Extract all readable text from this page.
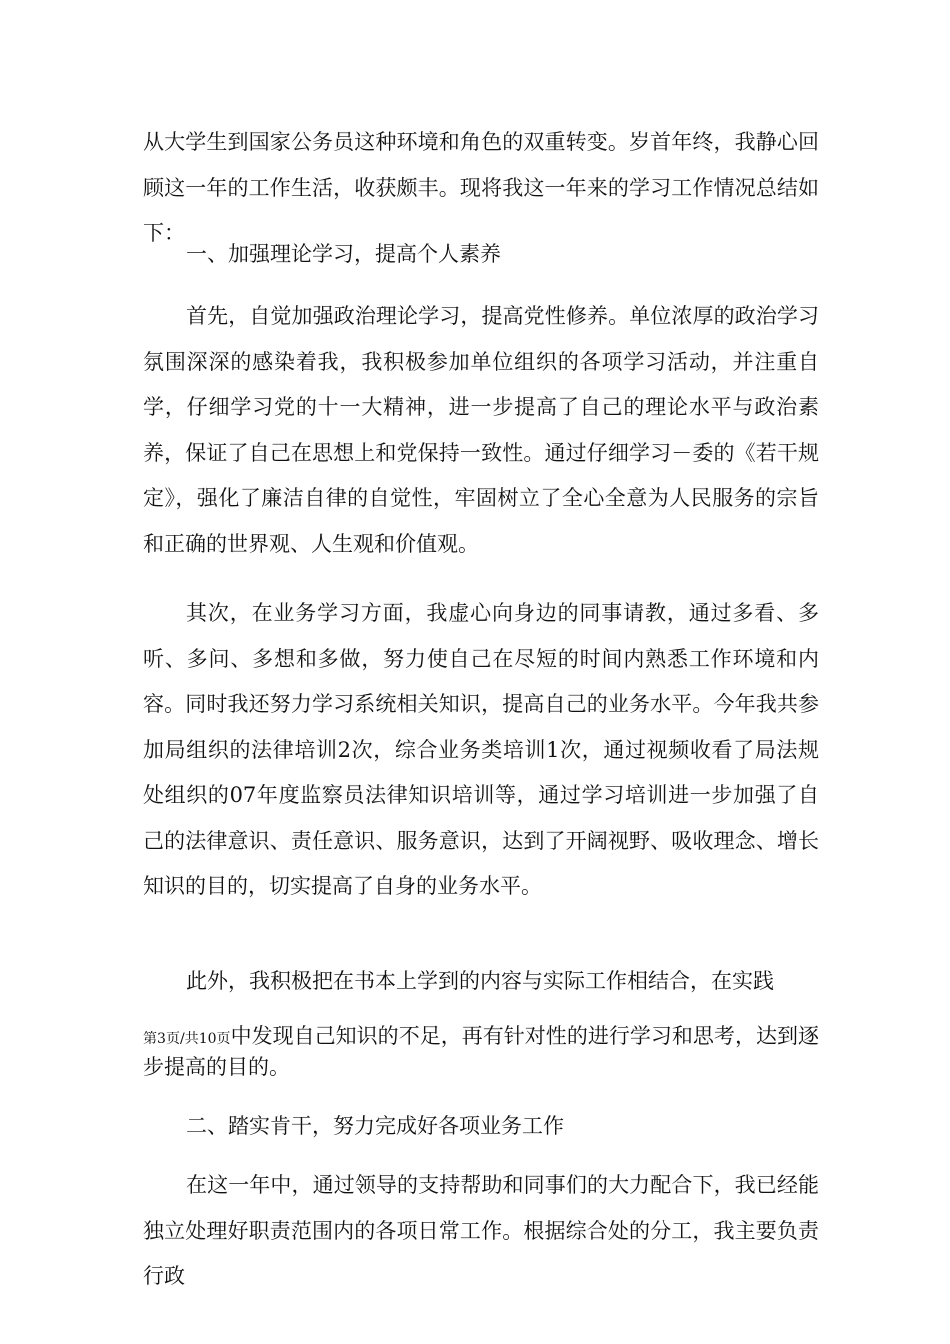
从大学生到国家公务员这种环境和角色的双重转变。岁首年终，我静心回顾这一年的工作生活，收获颇丰。现将我这一年来的学习工作情况总结如下：

一、加强理论学习，提高个人素养

首先，自觉加强政治理论学习，提高党性修养。单位浓厚的政治学习氛围深深的感染着我，我积极参加单位组织的各项学习活动，并注重自学，仔细学习党的十一大精神，进一步提高了自己的理论水平与政治素养，保证了自己在思想上和党保持一致性。通过仔细学习－委的《若干规定》，强化了廉洁自律的自觉性，牢固树立了全心全意为人民服务的宗旨和正确的世界观、人生观和价值观。

其次，在业务学习方面，我虚心向身边的同事请教，通过多看、多听、多问、多想和多做，努力使自己在尽短的时间内熟悉工作环境和内容。同时我还努力学习系统相关知识，提高自己的业务水平。今年我共参加局组织的法律培训2次，综合业务类培训1次，通过视频收看了局法规处组织的07年度监察员法律知识培训等，通过学习培训进一步加强了自己的法律意识、责任意识、服务意识，达到了开阔视野、吸收理念、增长知识的目的，切实提高了自身的业务水平。

此外，我积极把在书本上学到的内容与实际工作相结合，在实践

第3页/共10页中发现自己知识的不足，再有针对性的进行学习和思考，达到逐步提高的目的。

二、踏实肯干，努力完成好各项业务工作

在这一年中，通过领导的支持帮助和同事们的大力配合下，我已经能独立处理好职责范围内的各项日常工作。根据综合处的分工，我主要负责行政
